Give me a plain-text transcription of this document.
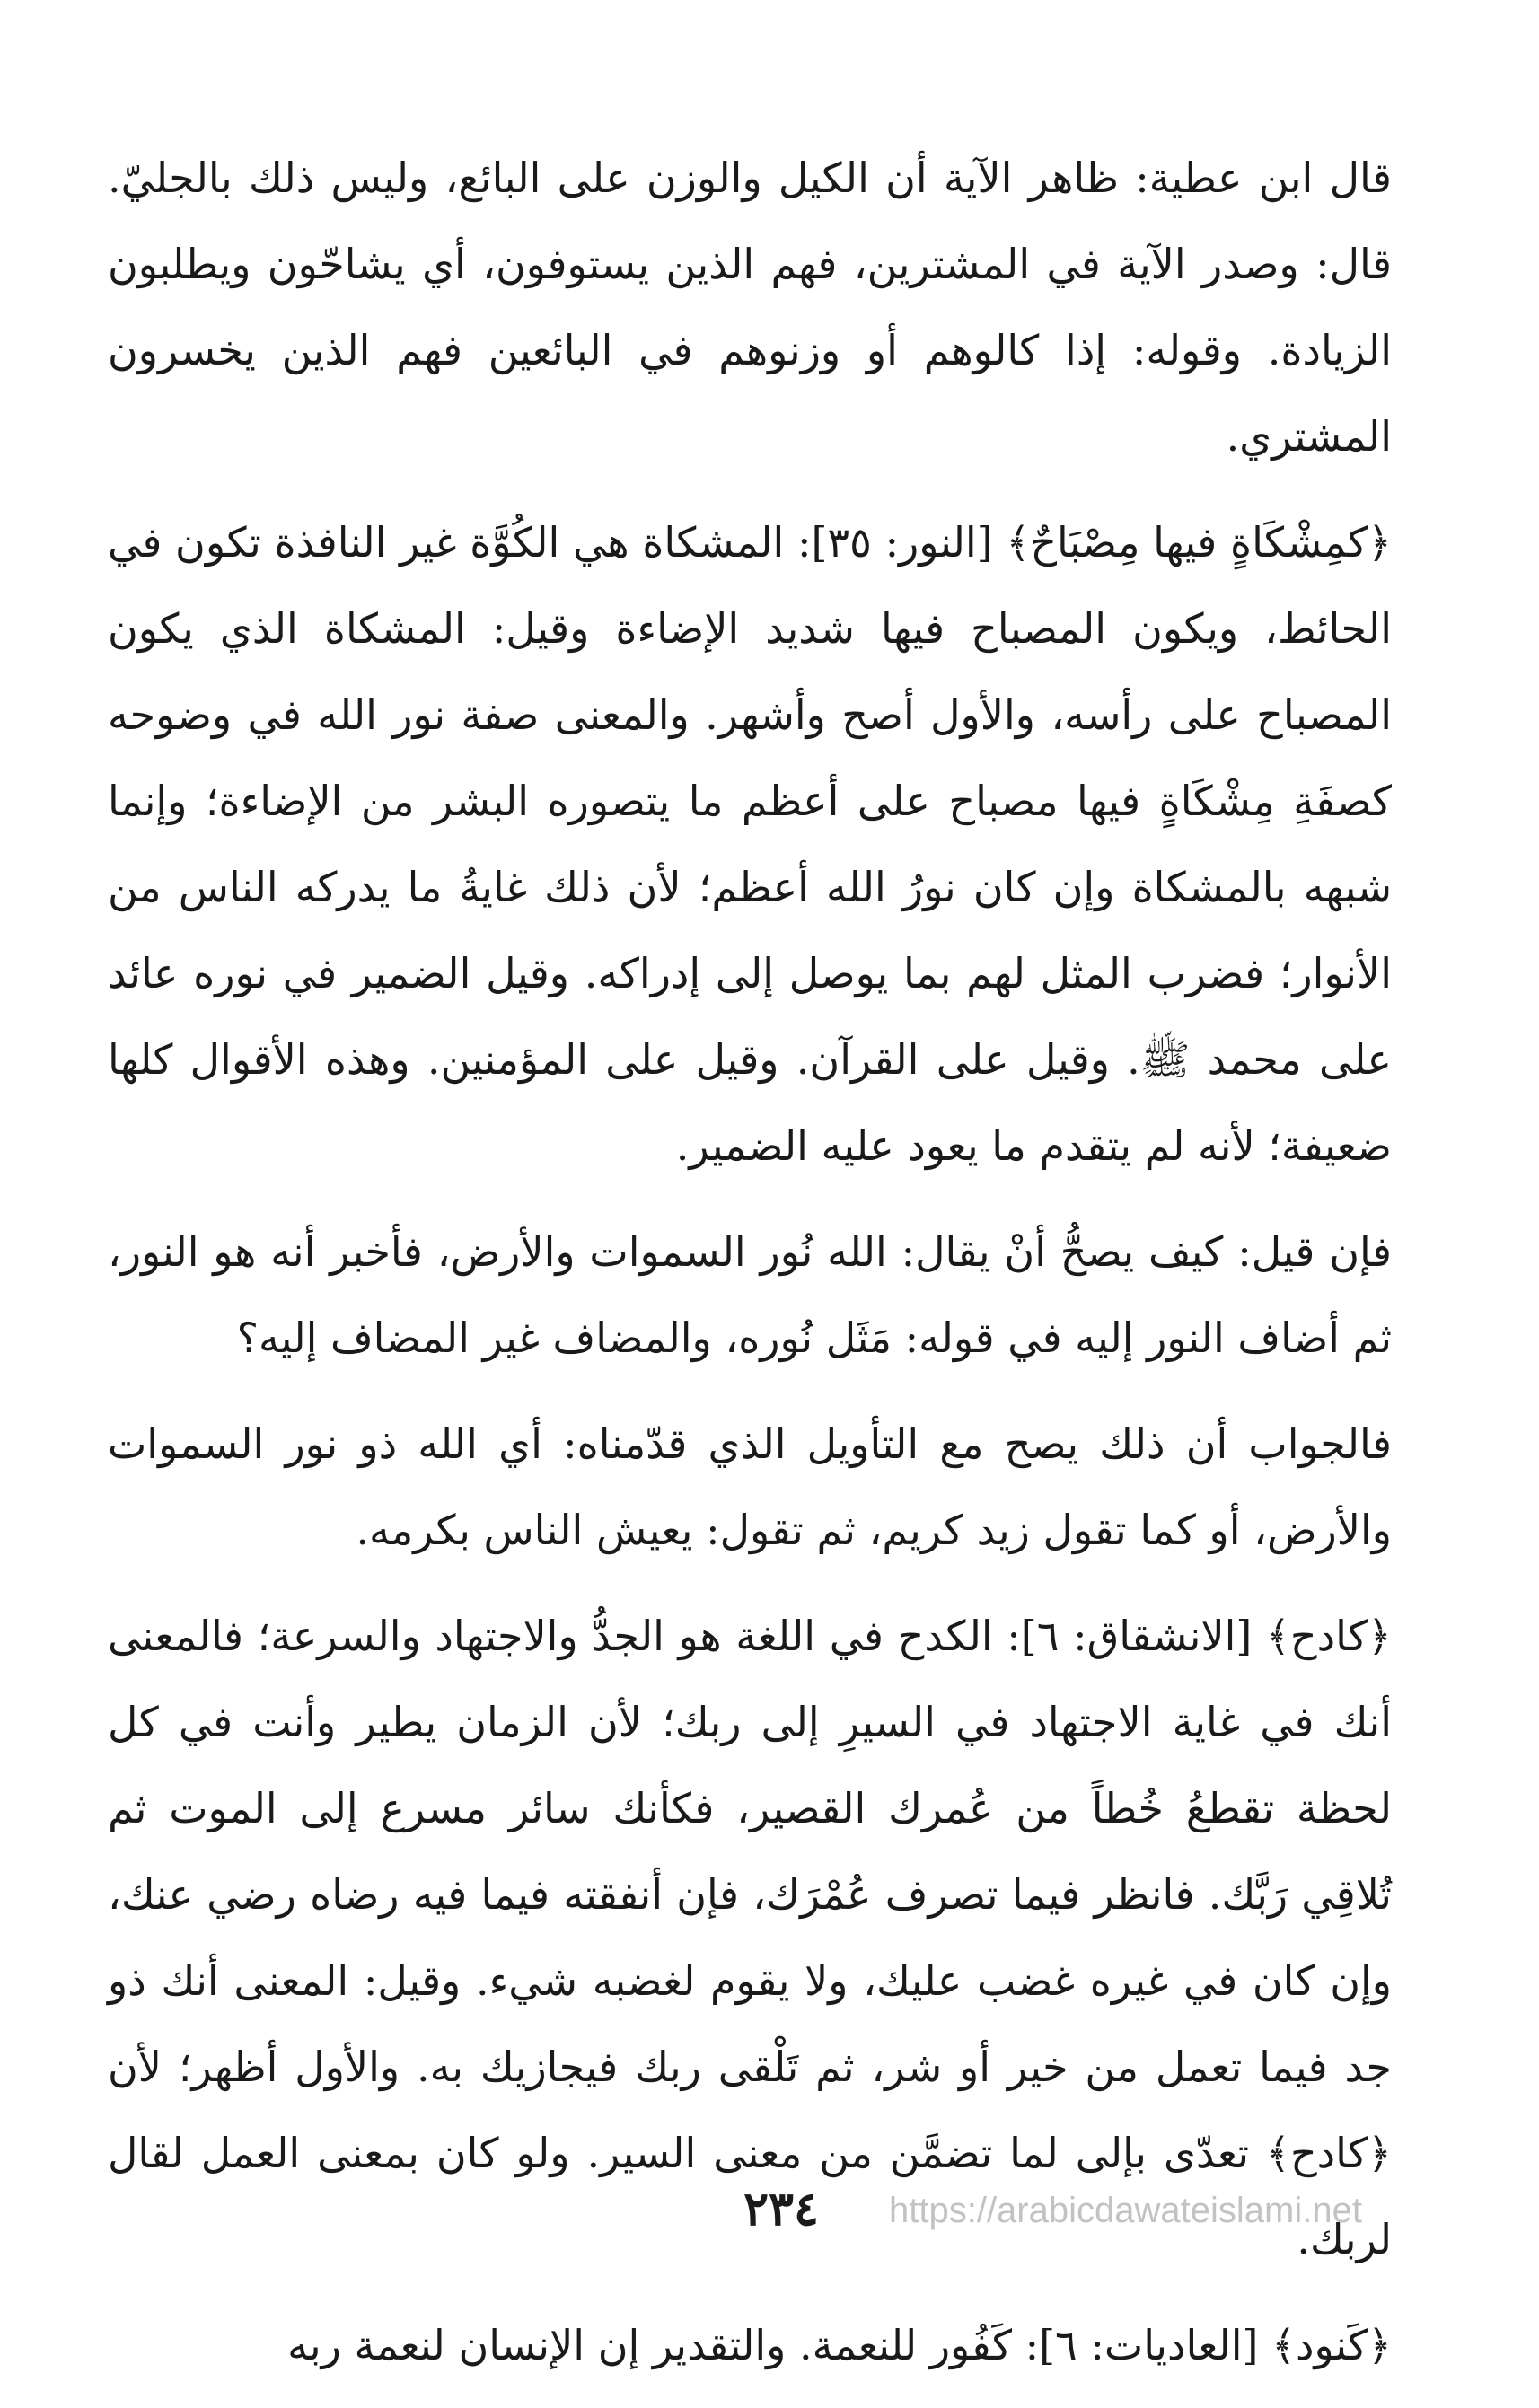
قال ابن عطية: ظاهر الآية أن الكيل والوزن على البائع، وليس ذلك بالجليّ. قال: وصدر الآية في المشترين، فهم الذين يستوفون، أي يشاحّون ويطلبون الزيادة. وقوله: إذا كالوهم أو وزنوهم في البائعين فهم الذين يخسرون المشتري.

﴿كمِشْكَاةٍ فيها مِصْبَاحٌ﴾ [النور: ٣٥]: المشكاة هي الكُوَّة غير النافذة تكون في الحائط، ويكون المصباح فيها شديد الإضاءة وقيل: المشكاة الذي يكون المصباح على رأسه، والأول أصح وأشهر. والمعنى صفة نور الله في وضوحه كصفَةِ مِشْكَاةٍ فيها مصباح على أعظم ما يتصوره البشر من الإضاءة؛ وإنما شبهه بالمشكاة وإن كان نورُ الله أعظم؛ لأن ذلك غايةُ ما يدركه الناس من الأنوار؛ فضرب المثل لهم بما يوصل إلى إدراكه. وقيل الضمير في نوره عائد على محمد ﷺ. وقيل على القرآن. وقيل على المؤمنين. وهذه الأقوال كلها ضعيفة؛ لأنه لم يتقدم ما يعود عليه الضمير.

فإن قيل: كيف يصحُّ أنْ يقال: الله نُور السموات والأرض، فأخبر أنه هو النور، ثم أضاف النور إليه في قوله: مَثَل نُوره، والمضاف غير المضاف إليه؟

فالجواب أن ذلك يصح مع التأويل الذي قدّمناه: أي الله ذو نور السموات والأرض، أو كما تقول زيد كريم، ثم تقول: يعيش الناس بكرمه.

﴿كادح﴾ [الانشقاق: ٦]: الكدح في اللغة هو الجدُّ والاجتهاد والسرعة؛ فالمعنى أنك في غاية الاجتهاد في السيرِ إلى ربك؛ لأن الزمان يطير وأنت في كل لحظة تقطعُ خُطاً من عُمرك القصير، فكأنك سائر مسرع إلى الموت ثم تُلاقِي رَبَّك. فانظر فيما تصرف عُمْرَك، فإن أنفقته فيما فيه رضاه رضي عنك، وإن كان في غيره غضب عليك، ولا يقوم لغضبه شيء. وقيل: المعنى أنك ذو جد فيما تعمل من خير أو شر، ثم تَلْقى ربك فيجازيك به. والأول أظهر؛ لأن ﴿كادح﴾ تعدّى بإلى لما تضمَّن من معنى السير. ولو كان بمعنى العمل لقال لربك.

﴿كَنود﴾ [العاديات: ٦]: كَفُور للنعمة. والتقدير إن الإنسان لنعمة ربه

٢٣٤	https://arabicdawateislami.net
